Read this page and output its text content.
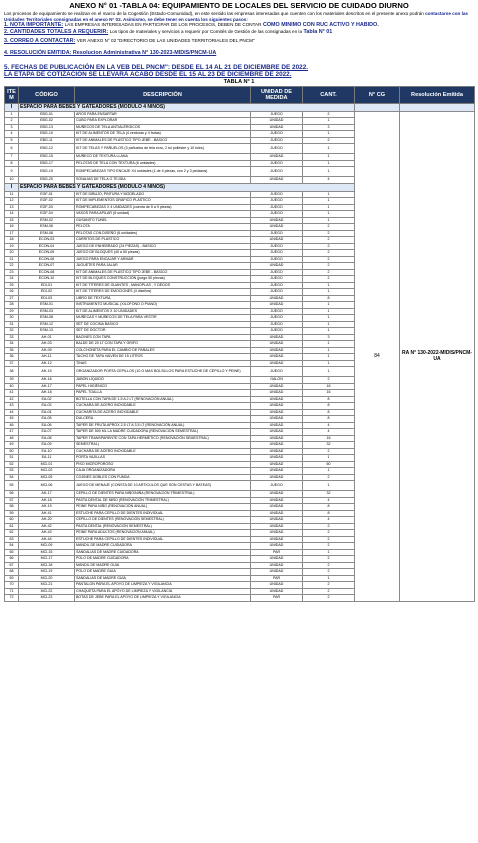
ANEXO N° 01 -TABLA 04: EQUIPAMIENTO DE LOCALES DEL SERVICIO DE CUIDADO DIURNO
Los procesos de equipamiento se realizan en el marco de la Cogestión (Estado-Comunidad), en este sentido las empresas interesadas que cuenten con los materiales descritos en el presente anexo podrán contactarse con las Unidades Territoriales consignadas en el anexo N° 02. Asimismo, se debe tener en cuenta los siguientes pasos:
1. NOTA IMPORTANTE: LAS EMPRESAS INTERESADAS EN PARTICIPAR DE LOS PROCESOS, DEBEN DE CONTAR COMO MINIMO CON RUC ACTIVO Y HABIDO.
2. CANTIDADES TOTALES A REQUERIR: Los tipos de materiales y servicios a requerir por Comités de Gestión de las consignadas en la Tabla N° 01
3. CORREO A CONTACTAR: VER ANEXO N° 02 "DIRECTORIO DE LAS UNIDADES TERRITORIALES DEL PNCM"
4. RESOLUCIÓN EMITIDA: Resolucion Administrativa N° 130-2023-MIDIS/PNCM-UA
5. FECHAS DE PUBLICACIÓN EN LA VEB DEL PNCM": DESDE EL 14 AL 21 DE DICIEMBRE DE 2022.
LA ETAPA DE COTIZACIÓN SE LLEVARÁ ACABO DESDE EL 15 AL 23 DE DICIEMBRE DE 2022.
TABLA N° 1
ITE M	CÓDIGO	DESCRIPCIÓN	UNIDAD DE MEDIDA	CANT.	N° CG	Resolución Emitida
I	ESPACIO PARA BEBÉS Y GATEADORES (MODULO 4 NIÑOS)					
1	EBG-01	AROS PARA ENSARTAR	JUEGO	2	84	RA N° 130-2022-MIDIS/PNCM-UA
2	EBG-02	CUBO PARA EXPLORAR	UNIDAD	1		
3	EBG-13	MUÑECOS DE TELA ANTIALÉRGICOS	UNIDAD	3		
4	EBG-10	KIT DE ALIMENTOS DE TELA (4 verduras y 4 frutas)	JUEGO	1		
5	EBG-11	KIT DE ANIMALES DE PLÁSTICO TIPO JEBE - BÁSICO	JUEGO	2		
6	EBG-12	KIT DE TELAS Y PAÑUELOS (3 pañuelos de tela ecru, 2 tul poliéster y 10 tules)	JUEGO	1		
7	EBG-15	MUÑECO DE TEXTURA LLANA	UNIDAD	1		
8	EBG-17	PELOTAS DE TELA CON TEXTURA (6 unidades)	JUEGO	1		
9	EBG-19	ROMPECABEZAS TIPO ENCAJE X4 unidades (1 de 4 piezas, con 2 y 3 pedazos)	JUEGO	1		
10	EBG-20	SONAJAS DE TELA O TEJIDA	UNIDAD	4		
I	ESPACIO PARA BEBES Y GATEADORES (MODULO 4 NIÑOS)					
11	EGF-01	KIT DE DIBUJO, PINTURA Y MODELADO	JUEGO	1		
12	EGF-02	KIT DE IMPLEMENTOS GRÁFICO PLÁSTICO	JUEGO	1		
13	EGF-03	ROMPECABEZAS X 4 UNIDADES (cuenta de 5 a 9 piezas)	JUEGO	1		
14	EGF-04	VASOS PARA APILAR (6 unidad)	JUEGO	1		
15	ESM-02	GUSANITO TUNEL	UNIDAD	1		
16	ESM-06	PELOTA	UNIDAD	2		
17	ESM-08	PELOTAS CON DISEÑO (6 unidades)	JUEGO	2		
18	ECON-03	CARRITOS DE PLÁSTICO	UNIDAD	2		
19	ECON-04	JUEGO DE ENHEBRADO (24 PIEZAS) - BÁSICO	JUEGO	2		
20	ECON-05	JUEGO DE BLOQUES (40 a 50 piezas)	JUEGO	2		
21	ECON-06	JUEGO PARA ENCAJAR Y ARMAR	JUEGO	2		
22	ECON-07	JUGUETES PARA JALAR	UNIDAD	2		
23	ECON-08	KIT DE ANIMALES DE PLÁSTICO TIPO JEBE - BÁSICO	JUEGO	2		
24	ECON-10	KIT DE BLOQUES CONSTRUCCIÓN (juego 50 piezas)	JUEGO	2		
25	EDI-01	KIT DE TÍTERES DE GUANTES , MANOPLAS , Y DEDOS	JUEGO	1		
26	EDI-02	KIT DE TÍTERES DE EMOCIONES (4 diseños)	JUEGO	1		
27	EDI-03	LIBRO DE TEXTURA	UNIDAD	8		
28	ESM-01	INSTRUMENTO MUSICAL (XILOFONO O PIANO)	UNIDAD	1		
29	ESM-03	KIT DE ALIMENTOS X 10 UNIDADES	JUEGO	1		
30	ESM-08	MUÑECAS Y MUÑECOS DE TELA PARA VESTIR	JUEGO	1		
31	ESM-12	SET DE COCINA BÁSICO	JUEGO	1		
32	ESM-13	SET DE DOCTOR	JUEGO	1		
33	AH-01	BACINES CON TAPA	UNIDAD	3		
34	AH-03	BALDE DE 20 LT CON TAPA Y GRIFO	UNIDAD	1		
35	AH-09	COLCHONETA PARA EL CAMBIO DE PAÑALES	UNIDAD	1		
36	AH-11	TACHO DE TAPA VAIVÉN DE 15 LITROS	UNIDAD	1		
37	AH-12	TINAS	UNIDAD	1		
38	AH-15	ORGANIZADOR PORTA CEPILLOS (10 O MAS BOLSILLOS PARA ESTUCHE DE CEPILLO Y PEINE)	JUEGO	1		
39	AH-16	JABÓN LÍQUIDO	GALÓN	2		
40	AH-17	PAPEL HIGIÉNICO	UNIDAD	16		
41	AH-18	PAPEL TOALLA	UNIDAD	16		
42	EA-02	BOTELLA CON TAPA DE 1.5 A 2 LT (RENOVACIÓN ANUAL)	UNIDAD	8		
43	EA-03	CUCHARA DE ACERO INOXIDABLE	UNIDAD	8		
44	EA-04	CUCHARITA DE ACERO INOXIDABLE	UNIDAD	8		
45	EA-05	DULCERA	UNIDAD	8		
46	EA-06	TAPER DE FRUTA APROX 2.5 LT A 3.5 LT (RENOVACIÓN ANUAL)	UNIDAD	4		
47	EA-07	TAPER DE 500 ML LA MADRE CUIDADORA (RENOVACIÓN SEMESTRAL)	UNIDAD	4		
48	EA-08	TAPER TRANSPARENTE CON TAPA HERMÉTICO (RENOVACIÓN SEMESTRAL)	UNIDAD	16		
49	EA-09	SEMESTRAL)	UNIDAD	32		
50	EA-10	CUCHARA DE ACERO INOXIDABLE	UNIDAD	2		
51	EA-11	PORTA VAJILLAS	UNIDAD	1		
52	MCI-01	PISO MICROPOROSO	UNIDAD	60		
53	MCI-02	CAJA ORGANIZADORA	UNIDAD	1		
54	MCI-05	COJINES DOBLES CON FUNDA	UNIDAD	2		
55	MCI-06	JUEGO DE MENAJE (CONSTA DE 10 ARTICULOS QUE SON CESTAS Y BATEAS)	JUEGO	1		
56	AH-17	CEPILLO DE DIENTES PARA NIÑO/NIÑA (RENOVACIÓN TRIMESTRAL)	UNIDAD	32		
57	AH-18	PASTA DENTAL DE NIÑO (RENOVACIÓN TRIMESTRAL)	UNIDAD	4		
58	AH-19	PEINE PARA NIÑO (RENOVACIÓN ANUAL)	UNIDAD	8		
59	AH-41	ESTUCHE PARA CEPILLO DE DIENTES INDIVIDUAL	UNIDAD	8		
60	AH-20	CEPILLO DE DIENTES (RENOVACIÓN SEMESTRAL)	UNIDAD	4		
61	AH-42	PASTA DENTAL (RENOVACIÓN SEMESTRAL)	UNIDAD	2		
62	AH-43	PEINE PARA ADULTOS (RENOVACIÓN ANUAL)	UNIDAD	2		
63	AH-44	ESTUCHE PARA CEPILLO DE DIENTES INDIVIDUAL	UNIDAD	2		
64	MCI-09	MANDIL DE MADRE CUIDADORA	UNIDAD	2		
65	MCI-15	SANDALIAS DE MADRE CUIDADORA	PAR	1		
66	MCI-17	POLO DE MADRE CUIDADORA	UNIDAD	2		
67	MCI-18	MANDIL DE MADRE GUIA	UNIDAD	2		
68	MCI-19	POLO DE MADRE GUIA	UNIDAD	2		
69	MCI-20	SANDALIAS DE MADRE GUIA	PAR	1		
70	MCI-21	PANTALON PARA EL APOYO DE LIMPIEZA Y VIGILANCIA	UNIDAD	2		
71	MCI-22	CHAQUETA PARA EL APOYO DE LIMPIEZA Y VIGILANCIA	UNIDAD	2		
72	MCI-23	BOTAS DE JEBE PARA EL APOYO DE LIMPIEZA Y VIGILANCIA	PAR	2		
